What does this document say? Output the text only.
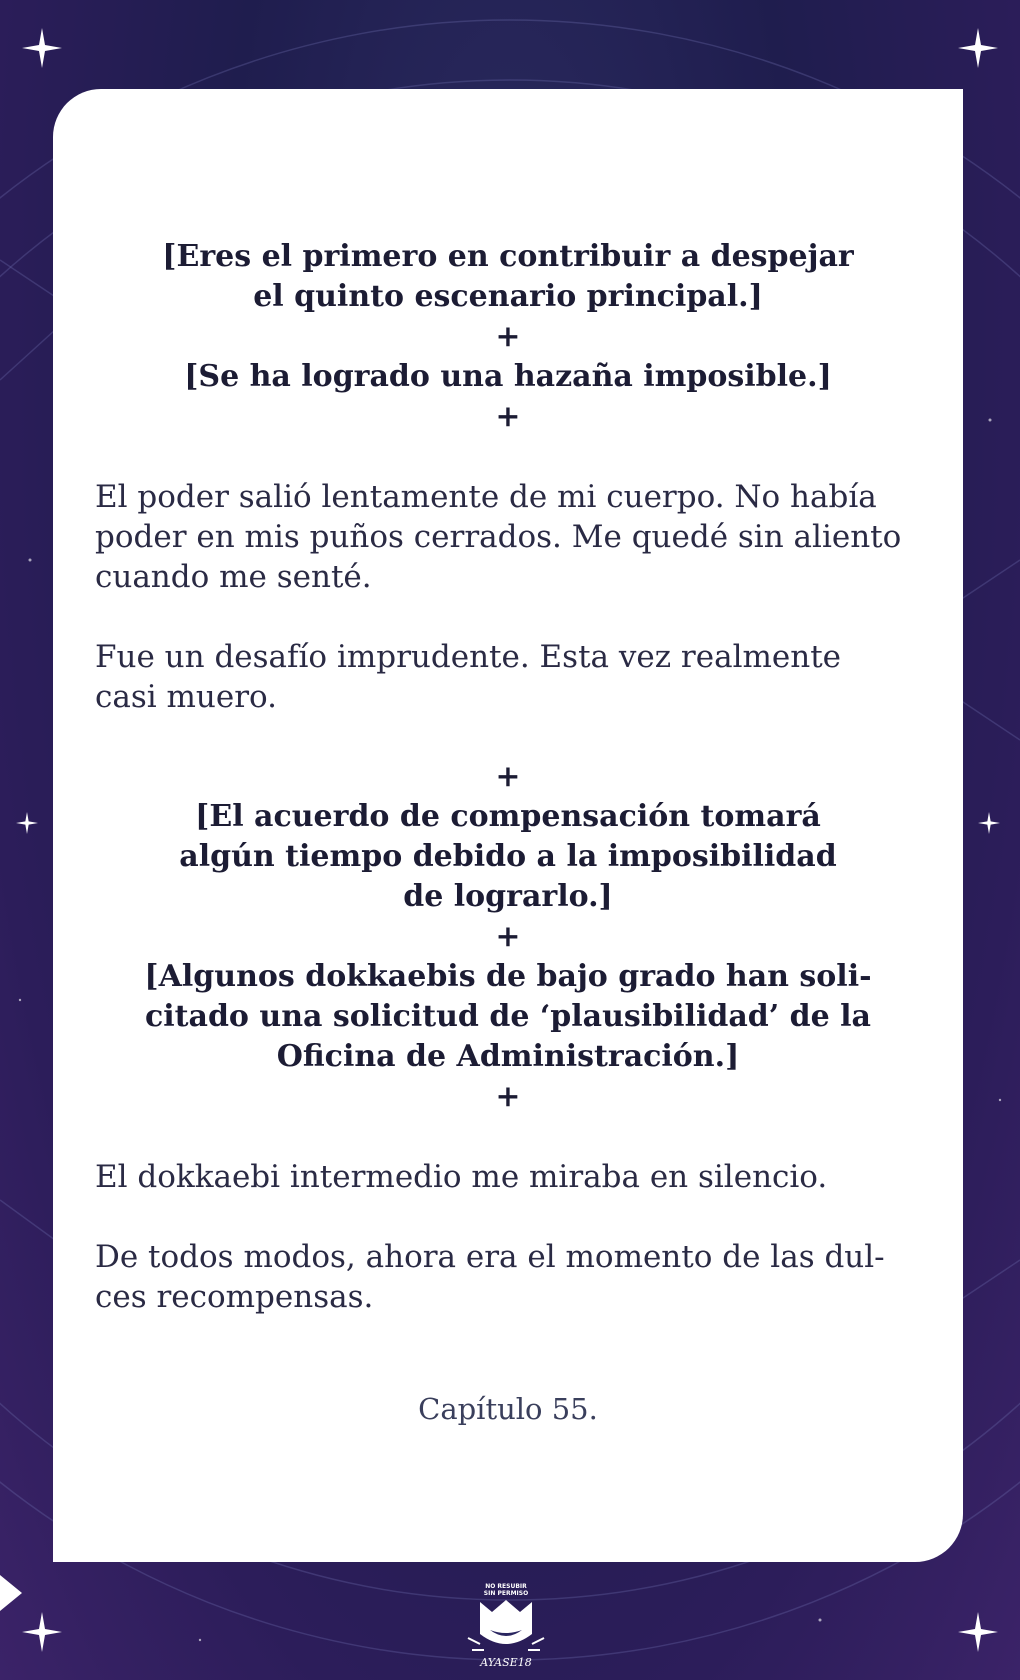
[Eres el primero en contribuir a despejar
el quinto escenario principal.]
+
[Se ha logrado una hazaña imposible.]
+
El poder salió lentamente de mi cuerpo. No había
poder en mis puños cerrados. Me quedé sin aliento
cuando me senté.
Fue un desafío imprudente. Esta vez realmente
casi muero.
+
[El acuerdo de compensación tomará
algún tiempo debido a la imposibilidad
de lograrlo.]
+
[Algunos dokkaebis de bajo grado han soli-
citado una solicitud de ‘plausibilidad’ de la
Oficina de Administración.]
+
El dokkaebi intermedio me miraba en silencio.
De todos modos, ahora era el momento de las dul-
ces recompensas.
Capítulo 55.
NO RESUBIR
SIN PERMISO
AYASE18
